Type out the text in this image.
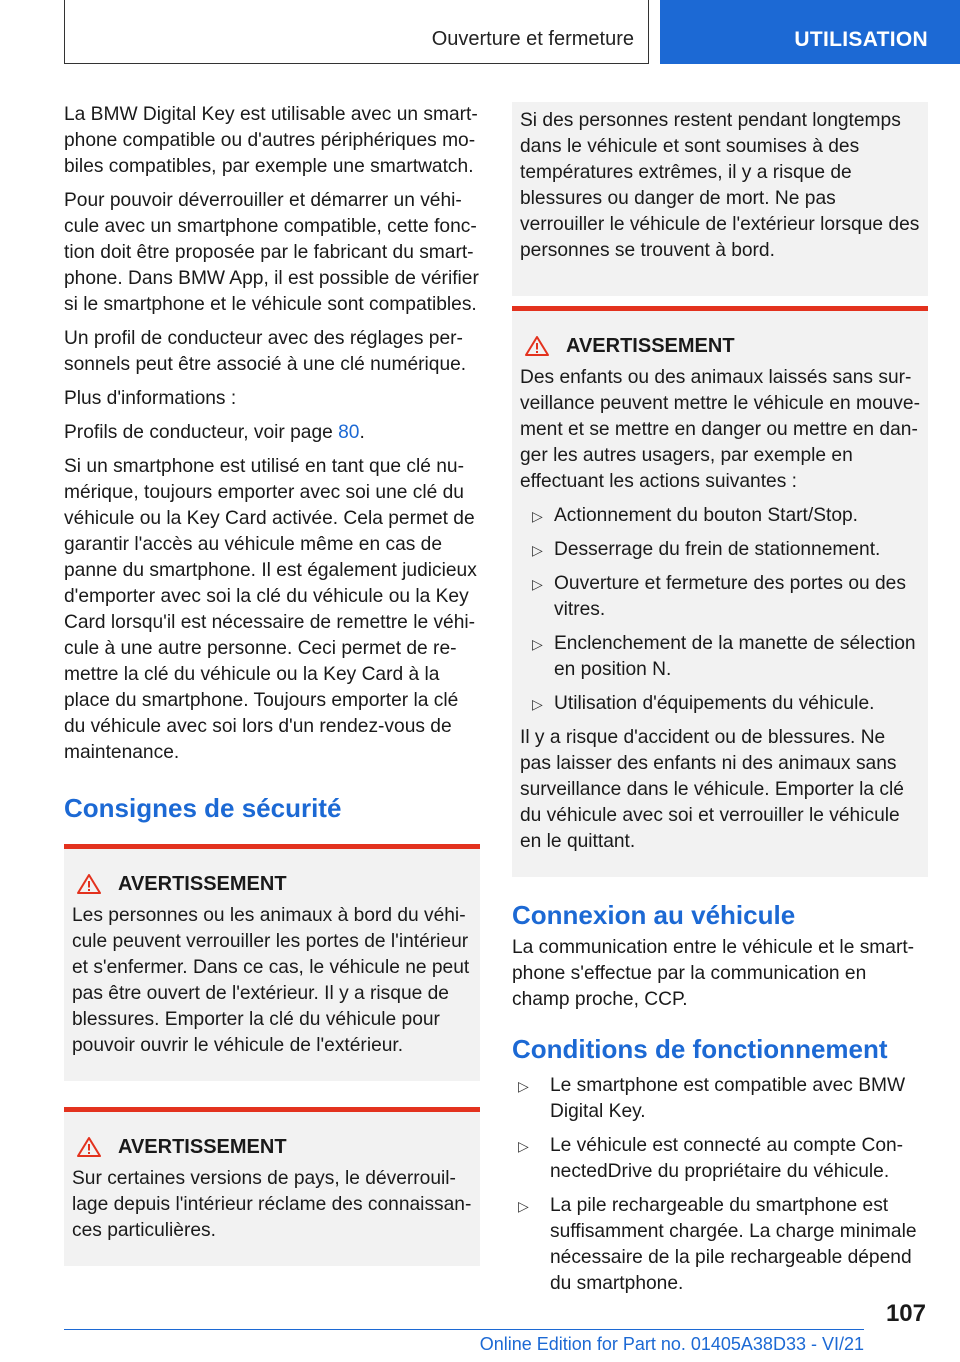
Ouverture et fermeture	UTILISATION

La BMW Digital Key est utilisable avec un smartphone compatible ou d'autres périphériques mobiles compatibles, par exemple une smartwatch.

Pour pouvoir déverrouiller et démarrer un véhicule avec un smartphone compatible, cette fonction doit être proposée par le fabricant du smartphone. Dans BMW App, il est possible de vérifier si le smartphone et le véhicule sont compatibles.

Un profil de conducteur avec des réglages personnels peut être associé à une clé numérique.

Plus d'informations :

Profils de conducteur, voir page 80.

Si un smartphone est utilisé en tant que clé numérique, toujours emporter avec soi une clé du véhicule ou la Key Card activée. Cela permet de garantir l'accès au véhicule même en cas de panne du smartphone. Il est également judicieux d'emporter avec soi la clé du véhicule ou la Key Card lorsqu'il est nécessaire de remettre le véhicule à une autre personne. Ceci permet de remettre la clé du véhicule ou la Key Card à la place du smartphone. Toujours emporter la clé du véhicule avec soi lors d'un rendez-vous de maintenance.

Consignes de sécurité
AVERTISSEMENT

Les personnes ou les animaux à bord du véhicule peuvent verrouiller les portes de l'intérieur et s'enfermer. Dans ce cas, le véhicule ne peut pas être ouvert de l'extérieur. Il y a risque de blessures. Emporter la clé du véhicule pour pouvoir ouvrir le véhicule de l'extérieur.

AVERTISSEMENT

Sur certaines versions de pays, le déverrouillage depuis l'intérieur réclame des connaissances particulières.

Si des personnes restent pendant longtemps dans le véhicule et sont soumises à des températures extrêmes, il y a risque de blessures ou danger de mort. Ne pas verrouiller le véhicule de l'extérieur lorsque des personnes se trouvent à bord.

AVERTISSEMENT

Des enfants ou des animaux laissés sans surveillance peuvent mettre le véhicule en mouvement et se mettre en danger ou mettre en danger les autres usagers, par exemple en effectuant les actions suivantes :

▷ Actionnement du bouton Start/Stop.
▷ Desserrage du frein de stationnement.
▷ Ouverture et fermeture des portes ou des vitres.
▷ Enclenchement de la manette de sélection en position N.
▷ Utilisation d'équipements du véhicule.

Il y a risque d'accident ou de blessures. Ne pas laisser des enfants ni des animaux sans surveillance dans le véhicule. Emporter la clé du véhicule avec soi et verrouiller le véhicule en le quittant.

Connexion au véhicule

La communication entre le véhicule et le smartphone s'effectue par la communication en champ proche, CCP.

Conditions de fonctionnement
▷ Le smartphone est compatible avec BMW Digital Key.
▷ Le véhicule est connecté au compte ConnectedDrive du propriétaire du véhicule.
▷ La pile rechargeable du smartphone est suffisamment chargée. La charge minimale nécessaire de la pile rechargeable dépend du smartphone.
107
Online Edition for Part no. 01405A38D33 - VI/21
